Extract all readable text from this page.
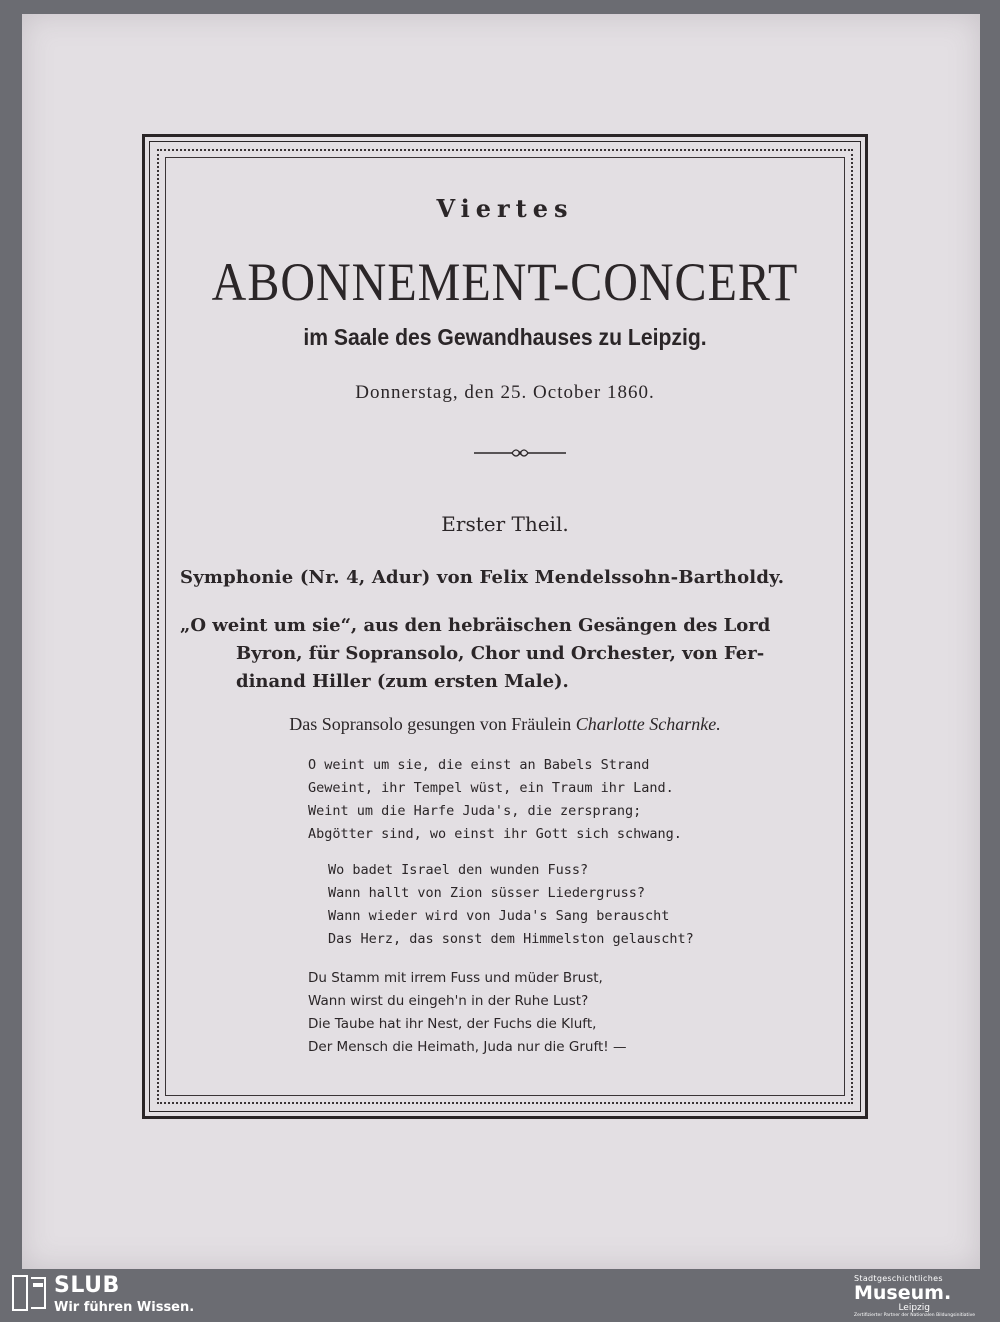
Viertes
ABONNEMENT-CONCERT
im Saale des Gewandhauses zu Leipzig.
Donnerstag, den 25. October 1860.
Erster Theil.
Symphonie (Nr. 4, Adur) von Felix Mendelssohn-Bartholdy.
„O weint um sie“, aus den hebräischen Gesängen des Lord
Byron, für Sopransolo, Chor und Orchester, von Fer-
dinand Hiller (zum ersten Male).
Das Sopransolo gesungen von Fräulein Charlotte Scharnke.
O weint um sie, die einst an Babels Strand
Geweint, ihr Tempel wüst, ein Traum ihr Land.
Weint um die Harfe Juda's, die zersprang;
Abgötter sind, wo einst ihr Gott sich schwang.
Wo badet Israel den wunden Fuss?
Wann hallt von Zion süsser Liedergruss?
Wann wieder wird von Juda's Sang berauscht
Das Herz, das sonst dem Himmelston gelauscht?
Du Stamm mit irrem Fuss und müder Brust,
Wann wirst du eingeh'n in der Ruhe Lust?
Die Taube hat ihr Nest, der Fuchs die Kluft,
Der Mensch die Heimath, Juda nur die Gruft! —
SLUB
Wir führen Wissen.
Stadtgeschichtliches
Museum.
Leipzig
Zertifizierter Partner der Nationalen Bildungsinitiative
